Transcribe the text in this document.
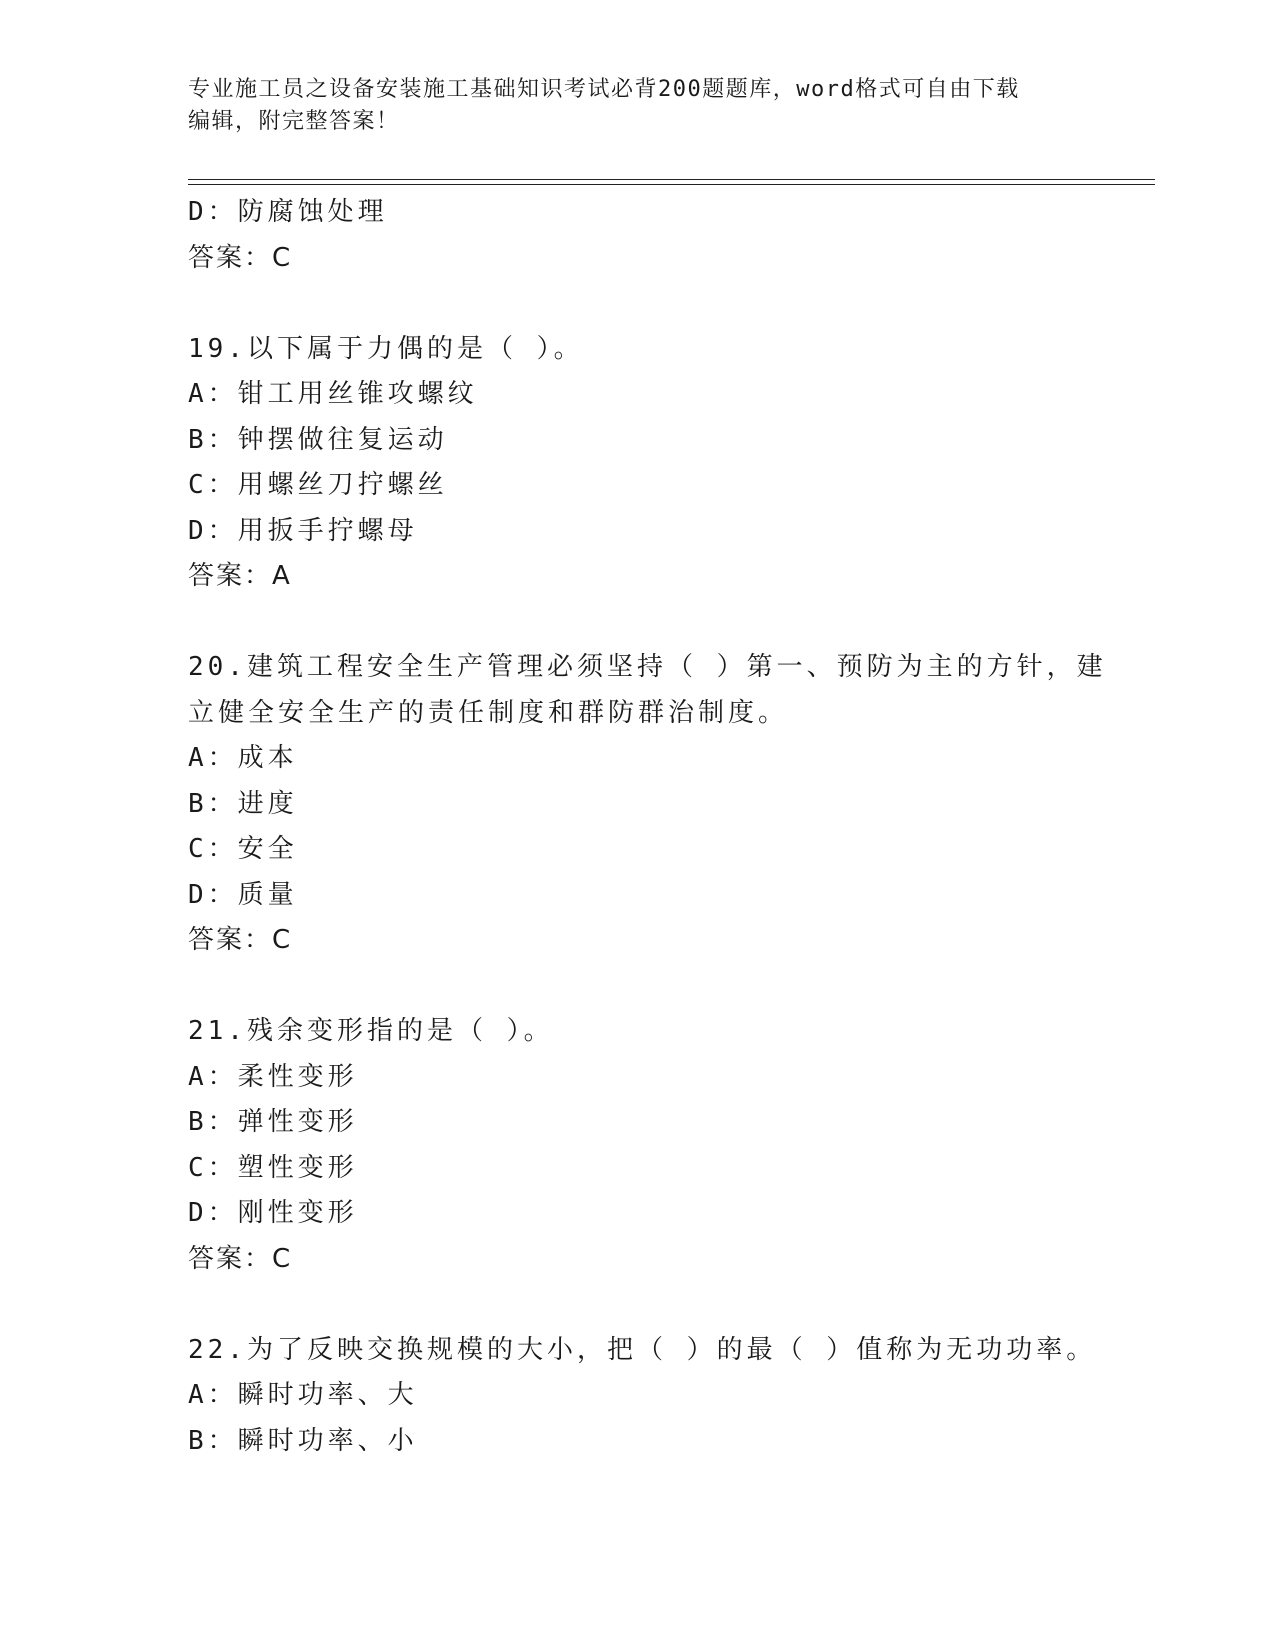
专业施工员之设备安装施工基础知识考试必背200题题库，word格式可自由下载
编辑，附完整答案！
D：防腐蚀处理
答案：C
19.以下属于力偶的是（ ）。
A：钳工用丝锥攻螺纹
B：钟摆做往复运动
C：用螺丝刀拧螺丝
D：用扳手拧螺母
答案：A
20.建筑工程安全生产管理必须坚持（ ）第一、预防为主的方针，建
立健全安全生产的责任制度和群防群治制度。
A：成本
B：进度
C：安全
D：质量
答案：C
21.残余变形指的是（ ）。
A：柔性变形
B：弹性变形
C：塑性变形
D：刚性变形
答案：C
22.为了反映交换规模的大小，把（ ）的最（ ）值称为无功功率。
A：瞬时功率、大
B：瞬时功率、小
